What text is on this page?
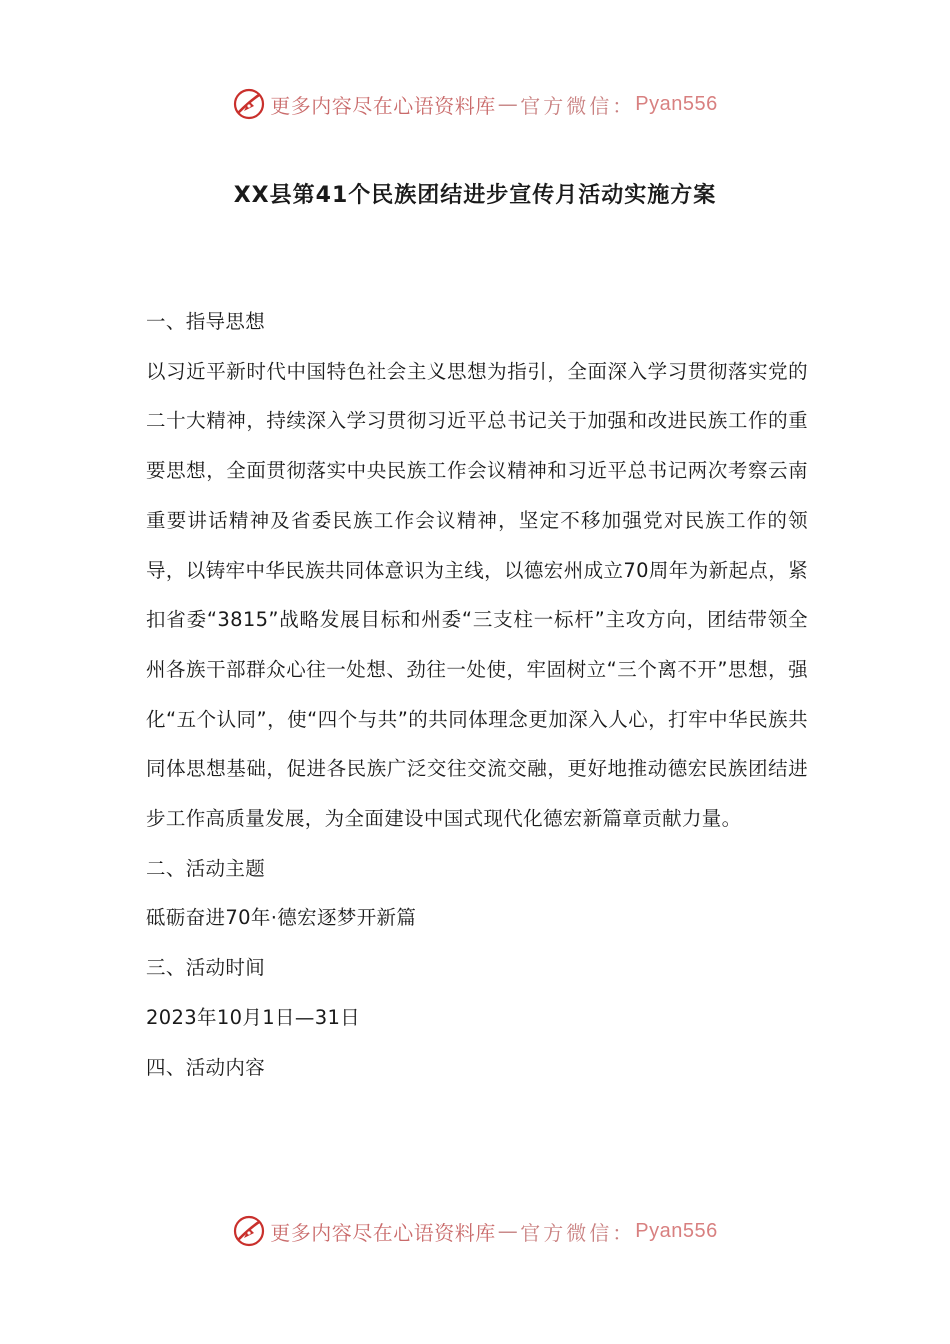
更多内容尽在心语资料库 — 官方微信： Pyan556
XX县第41个民族团结进步宣传月活动实施方案

一、指导思想

以习近平新时代中国特色社会主义思想为指引，全面深入学习贯彻落实党的二十大精神，持续深入学习贯彻习近平总书记关于加强和改进民族工作的重要思想，全面贯彻落实中央民族工作会议精神和习近平总书记两次考察云南重要讲话精神及省委民族工作会议精神，坚定不移加强党对民族工作的领导，以铸牢中华民族共同体意识为主线，以德宏州成立70周年为新起点，紧扣省委“3815”战略发展目标和州委“三支柱一标杆”主攻方向，团结带领全州各族干部群众心往一处想、劲往一处使，牢固树立“三个离不开”思想，强化“五个认同”，使“四个与共”的共同体理念更加深入人心，打牢中华民族共同体思想基础，促进各民族广泛交往交流交融，更好地推动德宏民族团结进步工作高质量发展，为全面建设中国式现代化德宏新篇章贡献力量。

二、活动主题

砥砺奋进70年·德宏逐梦开新篇

三、活动时间

2023年10月1日—31日

四、活动内容

更多内容尽在心语资料库 — 官方微信： Pyan556
